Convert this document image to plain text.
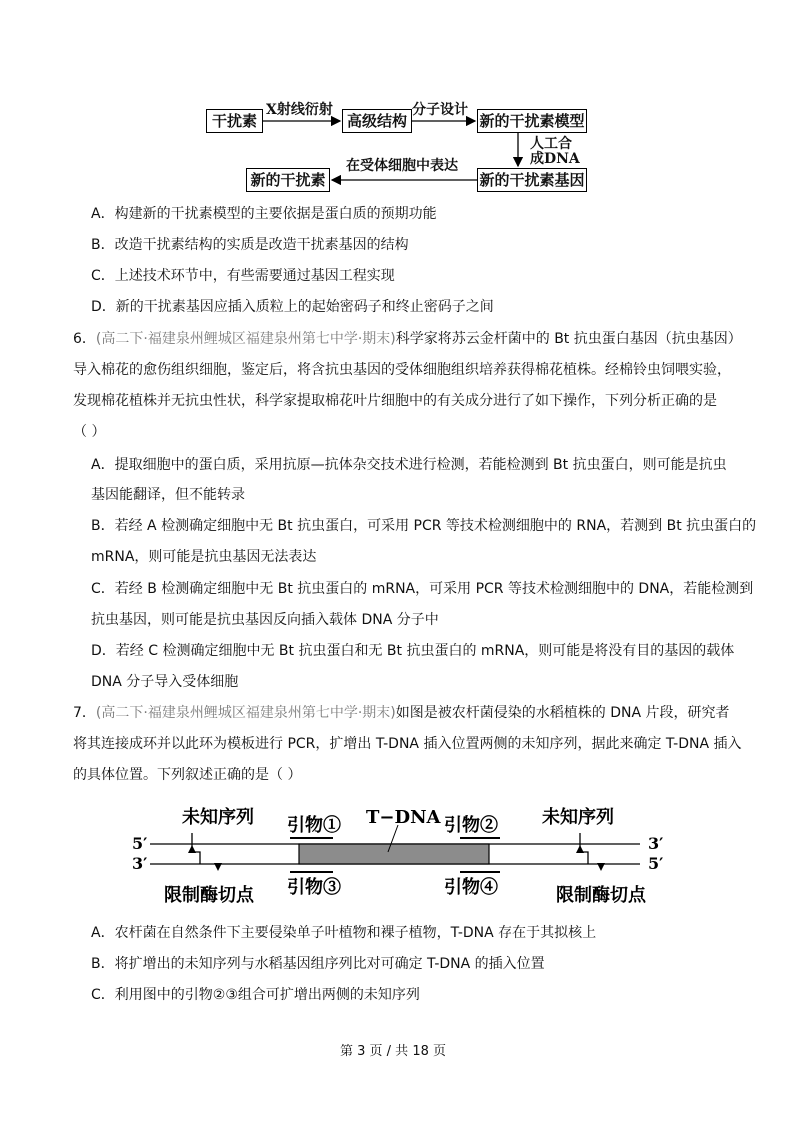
干扰素	高级结构	新的干扰素模型
新的干扰素基因
新的干扰素
X射线衍射	分子设计
人工合
成DNA
在受体细胞中表达
A．构建新的干扰素模型的主要依据是蛋白质的预期功能
B．改造干扰素结构的实质是改造干扰素基因的结构
C．上述技术环节中，有些需要通过基因工程实现
D．新的干扰素基因应插入质粒上的起始密码子和终止密码子之间
6．(高二下·福建泉州鲤城区福建泉州第七中学·期末)科学家将苏云金杆菌中的 Bt 抗虫蛋白基因（抗虫基因）
导入棉花的愈伤组织细胞，鉴定后，将含抗虫基因的受体细胞组织培养获得棉花植株。经棉铃虫饲喂实验，
发现棉花植株并无抗虫性状，科学家提取棉花叶片细胞中的有关成分进行了如下操作，下列分析正确的是
（ ）
A．提取细胞中的蛋白质，采用抗原—抗体杂交技术进行检测，若能检测到 Bt 抗虫蛋白，则可能是抗虫
基因能翻译，但不能转录
B．若经 A 检测确定细胞中无 Bt 抗虫蛋白，可采用 PCR 等技术检测细胞中的 RNA，若测到 Bt 抗虫蛋白的
mRNA，则可能是抗虫基因无法表达
C．若经 B 检测确定细胞中无 Bt 抗虫蛋白的 mRNA，可采用 PCR 等技术检测细胞中的 DNA，若能检测到
抗虫基因，则可能是抗虫基因反向插入载体 DNA 分子中
D．若经 C 检测确定细胞中无 Bt 抗虫蛋白和无 Bt 抗虫蛋白的 mRNA，则可能是将没有目的基因的载体
DNA 分子导入受体细胞
7．(高二下·福建泉州鲤城区福建泉州第七中学·期末)如图是被农杆菌侵染的水稻植株的 DNA 片段，研究者
将其连接成环并以此环为模板进行 PCR，扩增出 T-DNA 插入位置两侧的未知序列，据此来确定 T-DNA 插入
的具体位置。下列叙述正确的是（ ）
5′
3′
3′
5′
未知序列	未知序列
T−DNA
引物①	引物②
引物③	引物④
限制酶切点	限制酶切点
A．农杆菌在自然条件下主要侵染单子叶植物和裸子植物，T-DNA 存在于其拟核上
B．将扩增出的未知序列与水稻基因组序列比对可确定 T-DNA 的插入位置
C．利用图中的引物②③组合可扩增出两侧的未知序列
第 3 页 / 共 18 页
